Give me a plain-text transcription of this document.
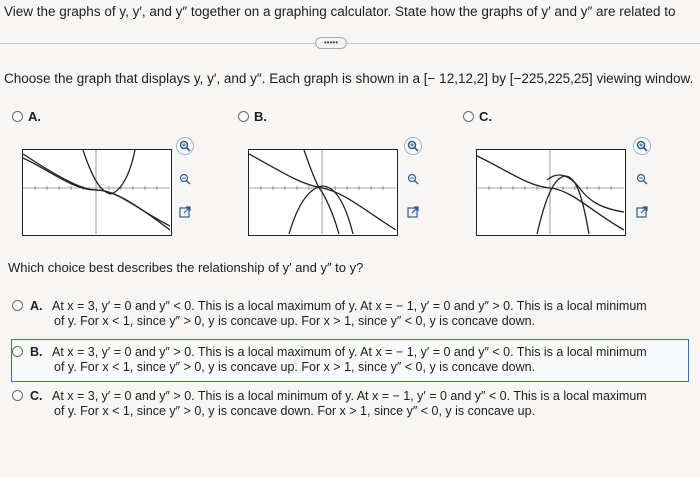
View the graphs of y, y′, and y″ together on a graphing calculator. State how the graphs of y′ and y″ are related to
•••••
Choose the graph that displays y, y′, and y″. Each graph is shown in a [− 12,12,2] by [−225,225,25] viewing window.
A.	B.	C.
Which choice best describes the relationship of y′ and y″ to y?
A. At x = 3, y′ = 0 and y″ < 0. This is a local maximum of y. At x = − 1, y′ = 0 and y″ > 0. This is a local minimum
of y. For x < 1, since y″ > 0, y is concave up. For x > 1, since y″ < 0, y is concave down.
B. At x = 3, y′ = 0 and y″ > 0. This is a local maximum of y. At x = − 1, y′ = 0 and y″ < 0. This is a local minimum
of y. For x < 1, since y″ > 0, y is concave up. For x > 1, since y″ < 0, y is concave down.
C. At x = 3, y′ = 0 and y″ > 0. This is a local minimum of y. At x = − 1, y′ = 0 and y″ < 0. This is a local maximum
of y. For x < 1, since y″ > 0, y is concave down. For x > 1, since y″ < 0, y is concave up.
